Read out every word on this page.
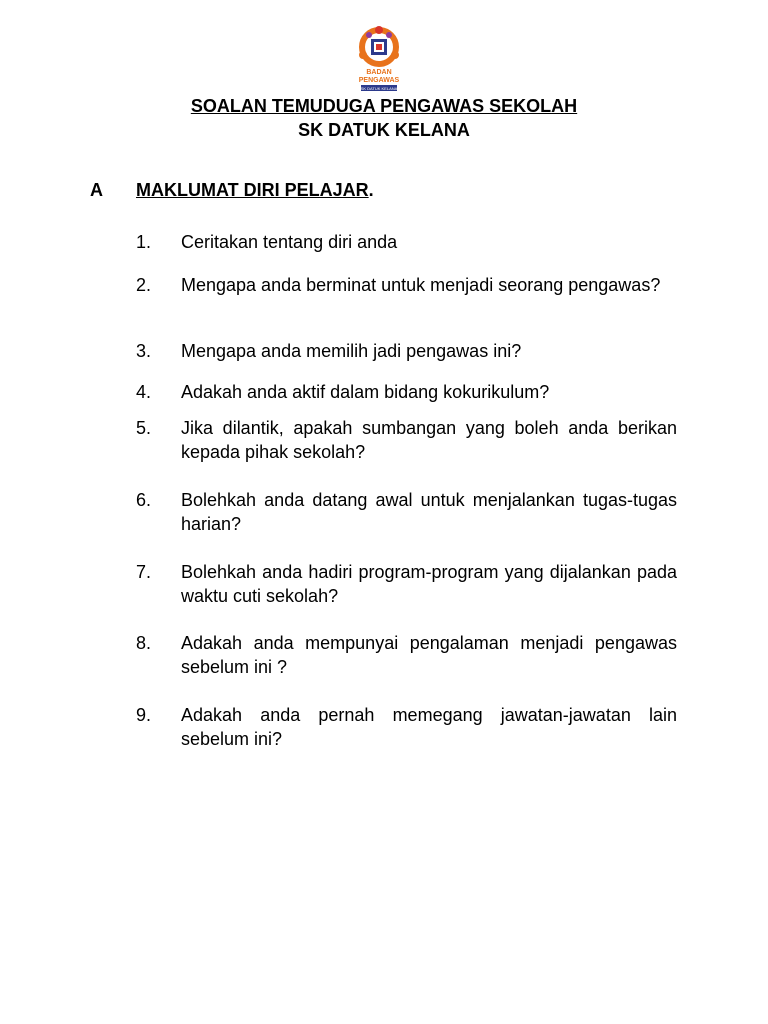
BADAN
PENGAWAS
SK DATUK KELANA
SOALAN TEMUDUGA PENGAWAS SEKOLAH
SK DATUK KELANA
A MAKLUMAT DIRI PELAJAR.
1.	Ceritakan tentang diri anda
2.	Mengapa anda berminat untuk menjadi seorang pengawas?
3.	Mengapa anda memilih jadi pengawas ini?
4.	Adakah anda aktif dalam bidang kokurikulum?
5.	Jika dilantik, apakah sumbangan yang boleh anda berikan kepada pihak sekolah?
6.	Bolehkah anda datang awal untuk menjalankan tugas-tugas harian?
7.	Bolehkah anda hadiri program-program yang dijalankan pada waktu cuti sekolah?
8.	Adakah anda mempunyai pengalaman menjadi pengawas sebelum ini ?
9.	Adakah anda pernah memegang jawatan-jawatan lain sebelum ini?
